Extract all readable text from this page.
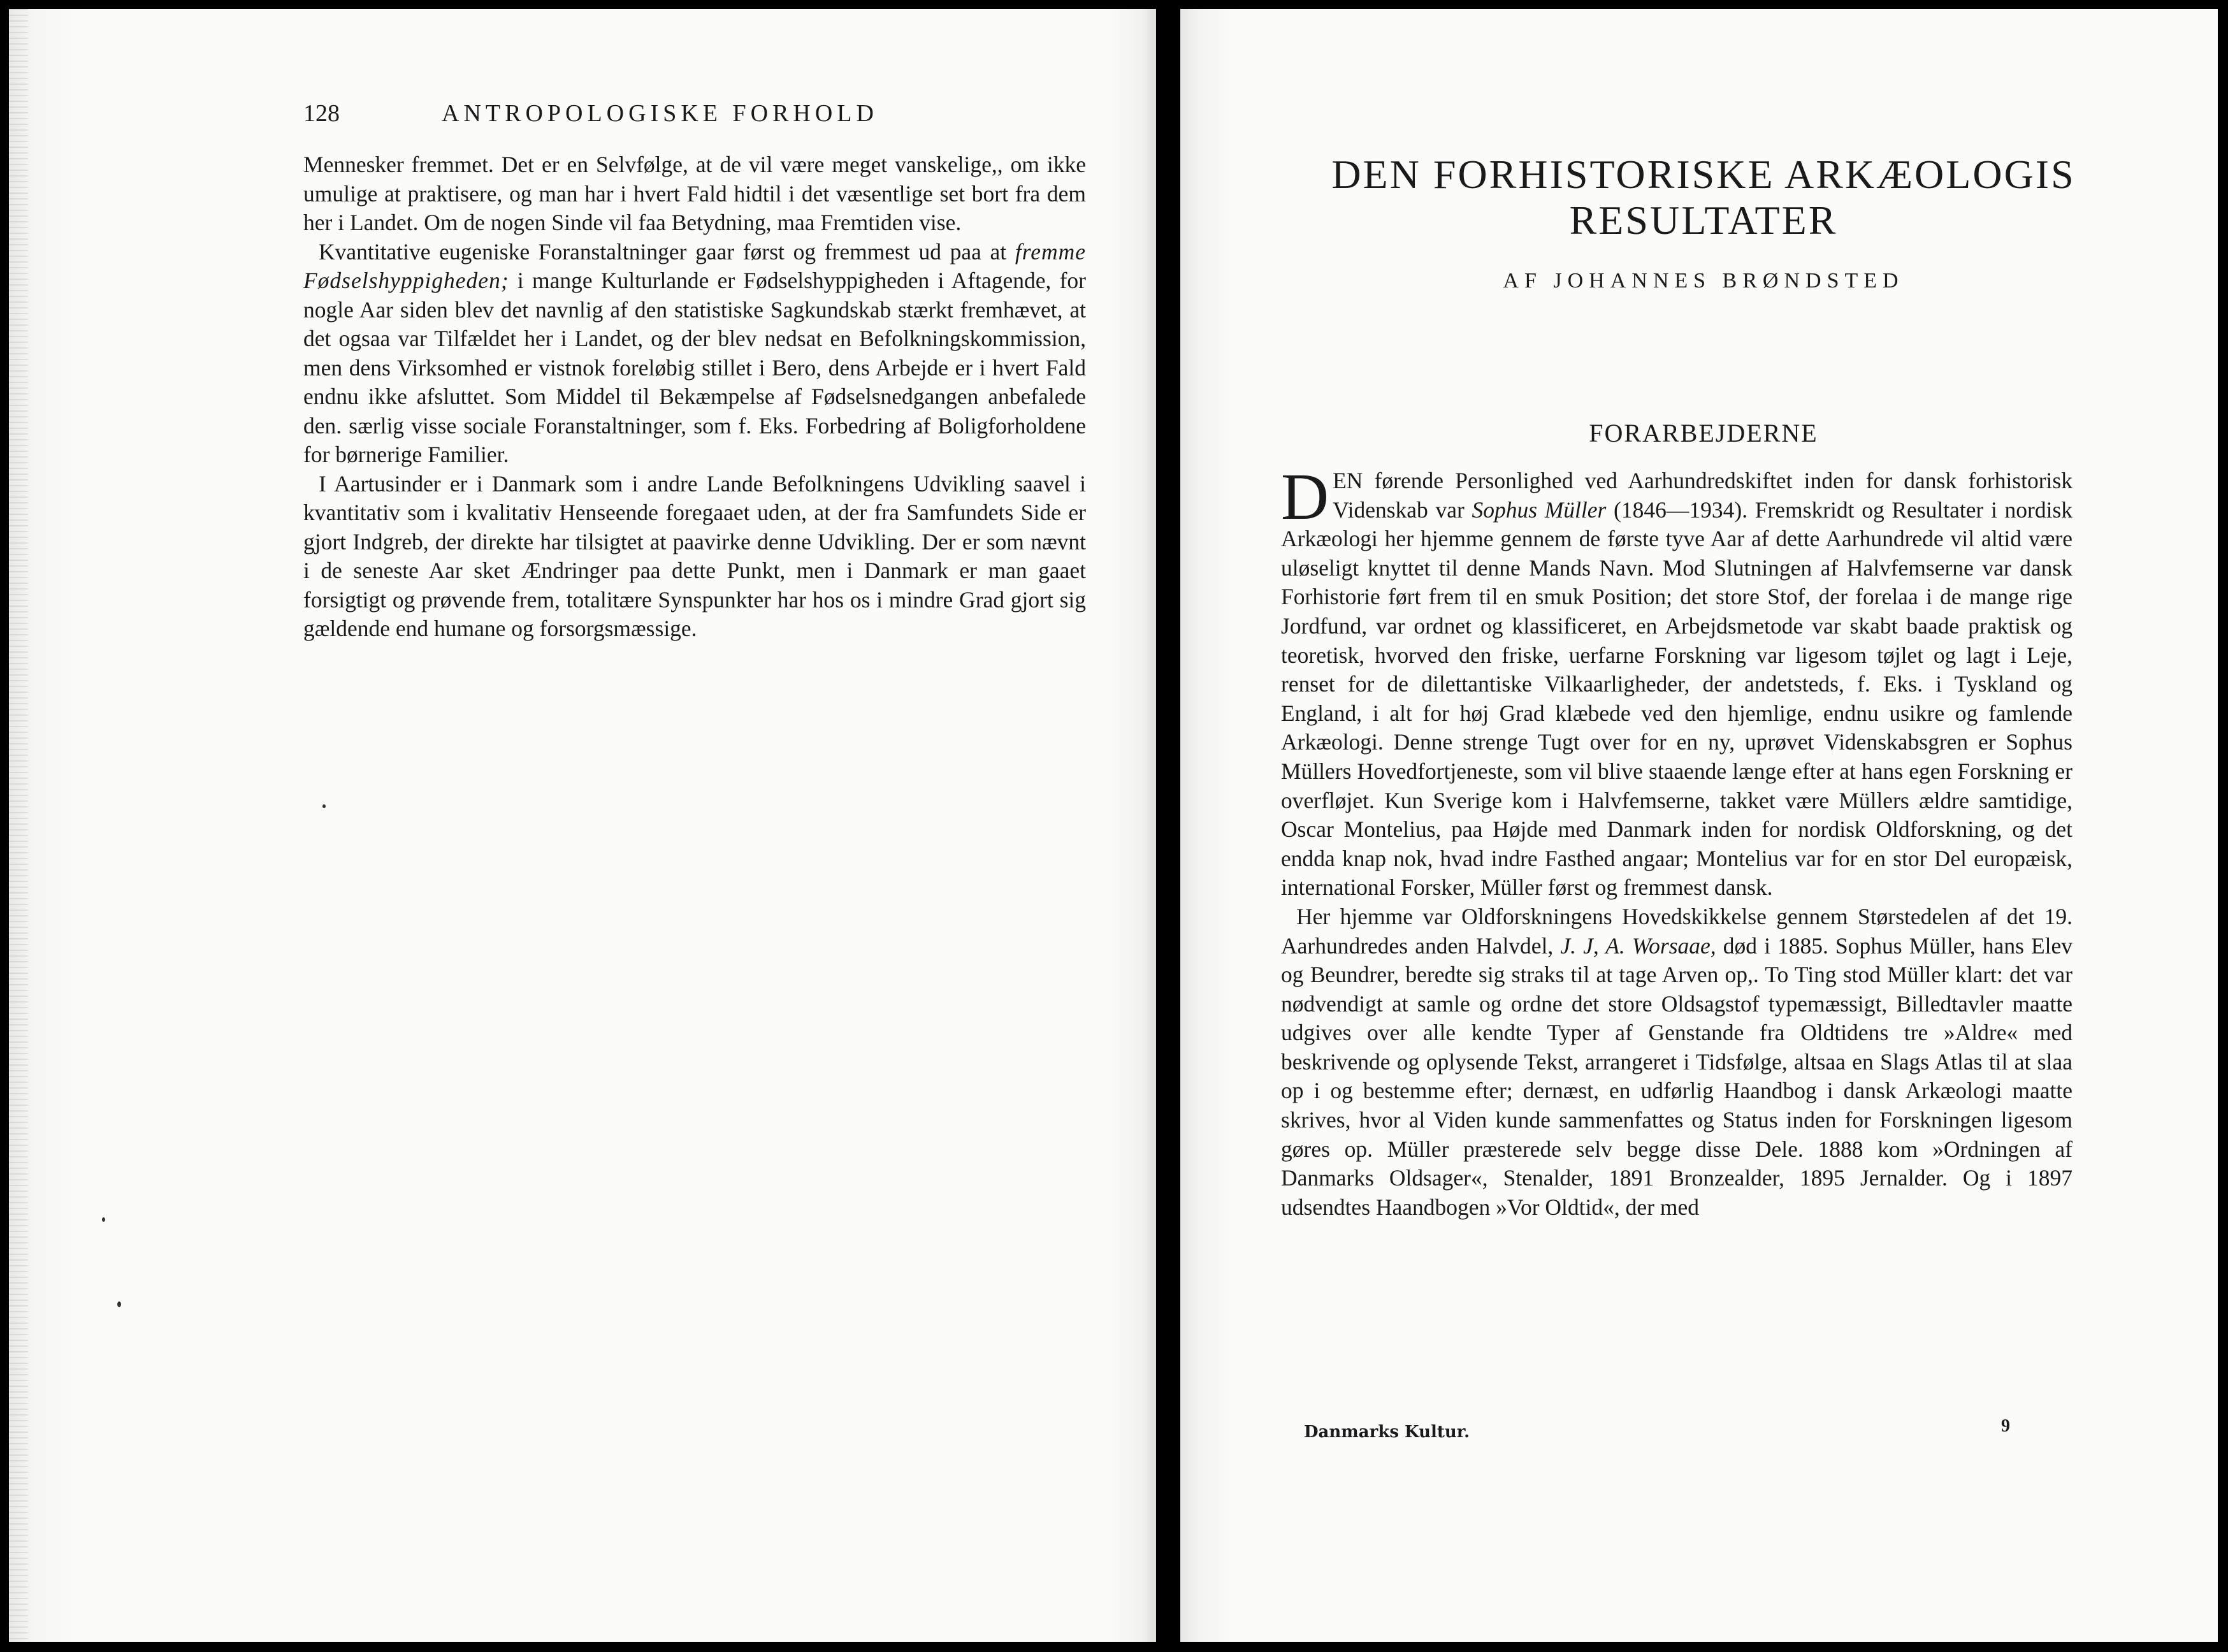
128	ANTROPOLOGISKE FORHOLD

Mennesker fremmet. Det er en Selvfølge, at de vil være meget vanskelige,, om ikke umulige at praktisere, og man har i hvert Fald hidtil i det væsentlige set bort fra dem her i Landet. Om de nogen Sinde vil faa Betydning, maa Fremtiden vise.

Kvantitative eugeniske Foranstaltninger gaar først og fremmest ud paa at fremme Fødselshyppigheden; i mange Kulturlande er Fødselshyppigheden i Aftagende, for nogle Aar siden blev det navnlig af den statistiske Sagkundskab stærkt fremhævet, at det ogsaa var Tilfældet her i Landet, og der blev nedsat en Befolkningskommission, men dens Virksomhed er vistnok foreløbig stillet i Bero, dens Arbejde er i hvert Fald endnu ikke afsluttet. Som Middel til Bekæmpelse af Fødselsnedgangen anbefalede den. særlig visse sociale Foranstaltninger, som f. Eks. Forbedring af Boligforholdene for børnerige Familier.

I Aartusinder er i Danmark som i andre Lande Befolkningens Udvikling saavel i kvantitativ som i kvalitativ Henseende foregaaet uden, at der fra Samfundets Side er gjort Indgreb, der direkte har tilsigtet at paavirke denne Udvikling. Der er som nævnt i de seneste Aar sket Ændringer paa dette Punkt, men i Danmark er man gaaet forsigtigt og prøvende frem, totalitære Synspunkter har hos os i mindre Grad gjort sig gældende end humane og forsorgsmæssige.

DEN FORHISTORISKE ARKÆOLOGIS
RESULTATER
AF JOHANNES BRØNDSTED
FORARBEJDERNE

DEN førende Personlighed ved Aarhundredskiftet inden for dansk forhistorisk Videnskab var Sophus Müller (1846—1934). Fremskridt og Resultater i nordisk Arkæologi her hjemme gennem de første tyve Aar af dette Aarhundrede vil altid være uløseligt knyttet til denne Mands Navn. Mod Slutningen af Halvfemserne var dansk Forhistorie ført frem til en smuk Position; det store Stof, der forelaa i de mange rige Jordfund, var ordnet og klassificeret, en Arbejdsmetode var skabt baade praktisk og teoretisk, hvorved den friske, uerfarne Forskning var ligesom tøjlet og lagt i Leje, renset for de dilettantiske Vilkaarligheder, der andetsteds, f. Eks. i Tyskland og England, i alt for høj Grad klæbede ved den hjemlige, endnu usikre og famlende Arkæologi. Denne strenge Tugt over for en ny, uprøvet Videnskabsgren er Sophus Müllers Hovedfortjeneste, som vil blive staaende længe efter at hans egen Forskning er overfløjet. Kun Sverige kom i Halvfemserne, takket være Müllers ældre samtidige, Oscar Montelius, paa Højde med Danmark inden for nordisk Oldforskning, og det endda knap nok, hvad indre Fasthed angaar; Montelius var for en stor Del europæisk, international Forsker, Müller først og fremmest dansk.

Her hjemme var Oldforskningens Hovedskikkelse gennem Størstedelen af det 19. Aarhundredes anden Halvdel, J. J, A. Worsaae, død i 1885. Sophus Müller, hans Elev og Beundrer, beredte sig straks til at tage Arven op,. To Ting stod Müller klart: det var nødvendigt at samle og ordne det store Oldsagstof typemæssigt, Billedtavler maatte udgives over alle kendte Typer af Genstande fra Oldtidens tre »Aldre« med beskrivende og oplysende Tekst, arrangeret i Tidsfølge, altsaa en Slags Atlas til at slaa op i og bestemme efter; dernæst, en udførlig Haandbog i dansk Arkæologi maatte skrives, hvor al Viden kunde sammenfattes og Status inden for Forskningen ligesom gøres op. Müller præsterede selv begge disse Dele. 1888 kom »Ordningen af Danmarks Oldsager«, Stenalder, 1891 Bronzealder, 1895 Jernalder. Og i 1897 udsendtes Haandbogen »Vor Oldtid«, der med

Danmarks Kultur.	9
